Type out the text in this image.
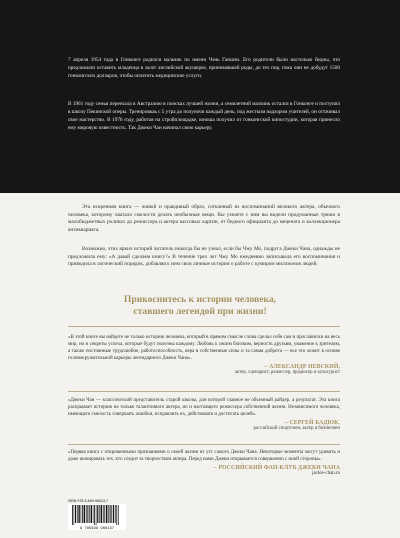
7 апреля 1954 года в Гонконге родился мальчик по имени Чэнь Ганшэн. Его родители были настолько бедны, что предложили оставить младенца в залог английской акушерке, принимавшей роды, до тех пор, пока они не добудут 1500 гонконгских долларов, чтобы оплатить медицинские услуги.

В 1961 году семья переехала в Австралию в поисках лучшей жизни, а семилетний мальчик остался в Гонконге и поступил в школу Пекинской оперы. Тренировкаь с 5 утра до полуночи каждый день, под жестким надзором учителей, он оттачивал свое мастерство. В 1976 году, работая на стройплощадке, юноша получил от гонконгской киностудии, которая принесло ему мировую известность. Так Джеки Чан начинал свою карьеру.

Эта искренняя книга — живой и правдивый образ, сотканный из воспоминаний великого актера, обычного человека, которому хватало смелости делать необычные вещи. Вы узнаете с ним вы видели продуманные трюки в малобюджетных роликах до режиссера и актера кассовых картин, от бедного официанта до мецената и коллекционера антиквариата.

Возможно, этих ярких историй читатель никогда бы не узнал, если бы Чжу Мо, подруга Джеки Чана, однажды не предложила ему: «А давай сделаем книгу?» В течение трех лет Чжу Мо ежедневно записывала его воспоминания и приводила в логический порядок, добавляя к ним свои личные истории о работе с кумиром миллионов людей.

Прикоснитесь к истории человека,
ставшего легендой при жизни!
«В этой книге вы найдете не только историю человека, который в прямом смысле слова сделал себя сам и прославился на весь мир, но и секреты успеха, которые будут полезны каждому. Любовь к своим близким, верность друзьям, уважение к зрителям, а также постоянные трудолюбие, работоспособность, вера в собственные силы и та самая доброта — все это лежит в основе головокружительной карьеры легендарного Джеки Чана».
– АЛЕКСАНДР НЕВСКИЙ,
актер, сценарист, режиссер, продюсер и культурист
«Джеки Чан — классический представитель старой школы, для которой главное не объемный райдер, а результат. Эта книга раскрывает историю не только талантливого актера, но и настоящего режиссера собственной жизни. Независимого человека, имеющего смелость совершать ошибки, исправлять их, действовать и достигать целей».
– СЕРГЕЙ БАДЮК,
российский спортсмен, актер и бизнесмен
«Первая книга с откровенными признаниями о своей жизни из уст самого Джеки Чана. Некоторые моменты могут удивить и даже шокировать тех, кто следит за творчеством актера. Перед нами Джеки открывается совершенно с иной стороны».
– РОССИЙСКИЙ ФАН-КЛУБ ДЖЕКИ ЧАНА
jackie-chan.ru
ISBN 978-5-699-96613-7
9 785699 966137
